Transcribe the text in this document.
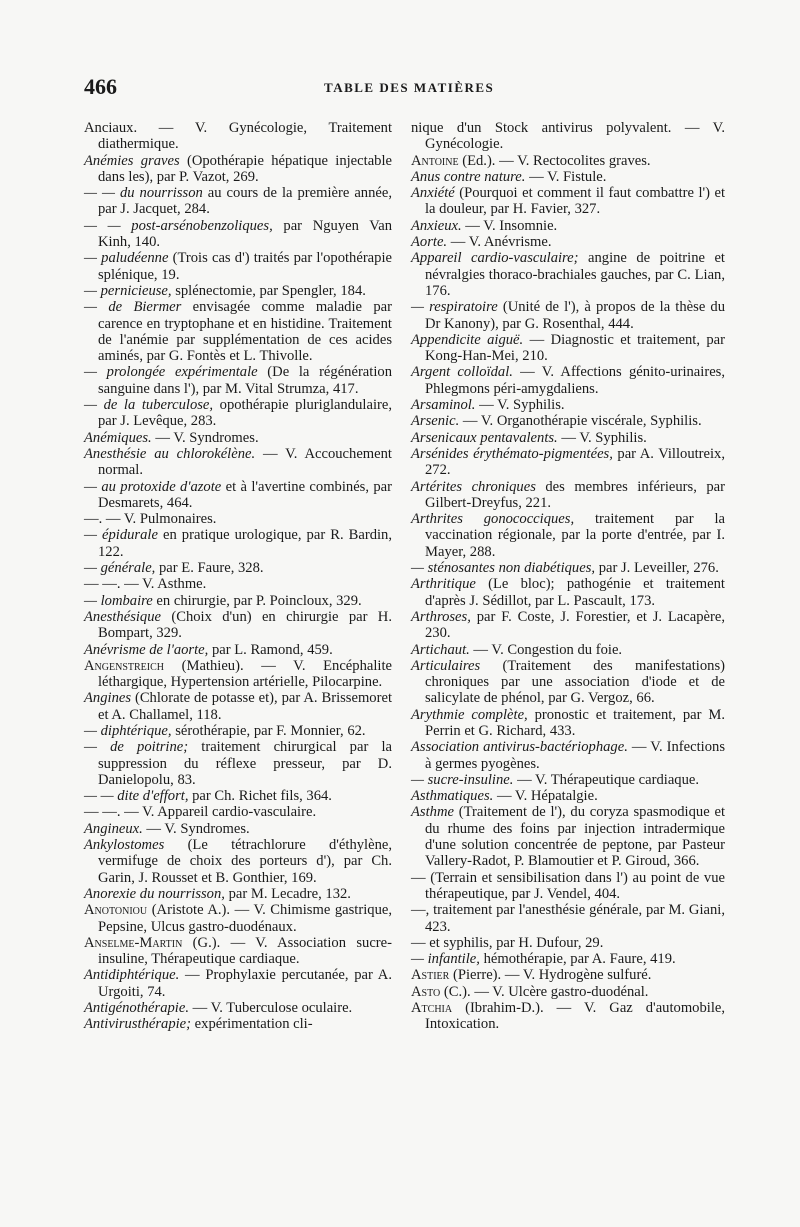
466	TABLE DES MATIÈRES

Anciaux. — V. Gynécologie, Traitement diathermique.

Anémies graves (Opothérapie hépatique injectable dans les), par P. Vazot, 269.

— — du nourrisson au cours de la première année, par J. Jacquet, 284.

— — post-arsénobenzoliques, par Nguyen Van Kinh, 140.

— paludéenne (Trois cas d') traités par l'opothérapie splénique, 19.

— pernicieuse, splénectomie, par Spengler, 184.

— de Biermer envisagée comme maladie par carence en tryptophane et en histidine. Traitement de l'anémie par supplémentation de ces acides aminés, par G. Fontès et L. Thivolle.

— prolongée expérimentale (De la régénération sanguine dans l'), par M. Vital Strumza, 417.

— de la tuberculose, opothérapie pluriglandulaire, par J. Levêque, 283.

Anémiques. — V. Syndromes.

Anesthésie au chlorokélène. — V. Accouchement normal.

— au protoxide d'azote et à l'avertine combinés, par Desmarets, 464.

—. — V. Pulmonaires.

— épidurale en pratique urologique, par R. Bardin, 122.

— générale, par E. Faure, 328.

— —. — V. Asthme.

— lombaire en chirurgie, par P. Poincloux, 329.

Anesthésique (Choix d'un) en chirurgie par H. Bompart, 329.

Anévrisme de l'aorte, par L. Ramond, 459.

Angenstreich (Mathieu). — V. Encéphalite léthargique, Hypertension artérielle, Pilocarpine.

Angines (Chlorate de potasse et), par A. Brissemoret et A. Challamel, 118.

— diphtérique, sérothérapie, par F. Monnier, 62.

— de poitrine; traitement chirurgical par la suppression du réflexe presseur, par D. Danielopolu, 83.

— — dite d'effort, par Ch. Richet fils, 364.

— —. — V. Appareil cardio-vasculaire.

Angineux. — V. Syndromes.

Ankylostomes (Le tétrachlorure d'éthylène, vermifuge de choix des porteurs d'), par Ch. Garin, J. Rousset et B. Gonthier, 169.

Anorexie du nourrisson, par M. Lecadre, 132.

Anotoniou (Aristote A.). — V. Chimisme gastrique, Pepsine, Ulcus gastro-duodénaux.

Anselme-Martin (G.). — V. Association sucre-insuline, Thérapeutique cardiaque.

Antidiphtérique. — Prophylaxie percutanée, par A. Urgoiti, 74.

Antigénothérapie. — V. Tuberculose oculaire.

Antivirusthérapie; expérimentation cli-

nique d'un Stock antivirus polyvalent. — V. Gynécologie.

Antoine (Ed.). — V. Rectocolites graves.

Anus contre nature. — V. Fistule.

Anxiété (Pourquoi et comment il faut combattre l') et la douleur, par H. Favier, 327.

Anxieux. — V. Insomnie.

Aorte. — V. Anévrisme.

Appareil cardio-vasculaire; angine de poitrine et névralgies thoraco-brachiales gauches, par C. Lian, 176.

— respiratoire (Unité de l'), à propos de la thèse du Dr Kanony), par G. Rosenthal, 444.

Appendicite aiguë. — Diagnostic et traitement, par Kong-Han-Mei, 210.

Argent colloïdal. — V. Affections génito-urinaires, Phlegmons péri-amygdaliens.

Arsaminol. — V. Syphilis.

Arsenic. — V. Organothérapie viscérale, Syphilis.

Arsenicaux pentavalents. — V. Syphilis.

Arsénides érythémato-pigmentées, par A. Villoutreix, 272.

Artérites chroniques des membres inférieurs, par Gilbert-Dreyfus, 221.

Arthrites gonococciques, traitement par la vaccination régionale, par la porte d'entrée, par I. Mayer, 288.

— sténosantes non diabétiques, par J. Leveiller, 276.

Arthritique (Le bloc); pathogénie et traitement d'après J. Sédillot, par L. Pascault, 173.

Arthroses, par F. Coste, J. Forestier, et J. Lacapère, 230.

Artichaut. — V. Congestion du foie.

Articulaires (Traitement des manifestations) chroniques par une association d'iode et de salicylate de phénol, par G. Vergoz, 66.

Arythmie complète, pronostic et traitement, par M. Perrin et G. Richard, 433.

Association antivirus-bactériophage. — V. Infections à germes pyogènes.

— sucre-insuline. — V. Thérapeutique cardiaque.

Asthmatiques. — V. Hépatalgie.

Asthme (Traitement de l'), du coryza spasmodique et du rhume des foins par injection intradermique d'une solution concentrée de peptone, par Pasteur Vallery-Radot, P. Blamoutier et P. Giroud, 366.

— (Terrain et sensibilisation dans l') au point de vue thérapeutique, par J. Vendel, 404.

—, traitement par l'anesthésie générale, par M. Giani, 423.

— et syphilis, par H. Dufour, 29.

— infantile, hémothérapie, par A. Faure, 419.

Astier (Pierre). — V. Hydrogène sulfuré.

Asto (C.). — V. Ulcère gastro-duodénal.

Atchia (Ibrahim-D.). — V. Gaz d'automobile, Intoxication.
